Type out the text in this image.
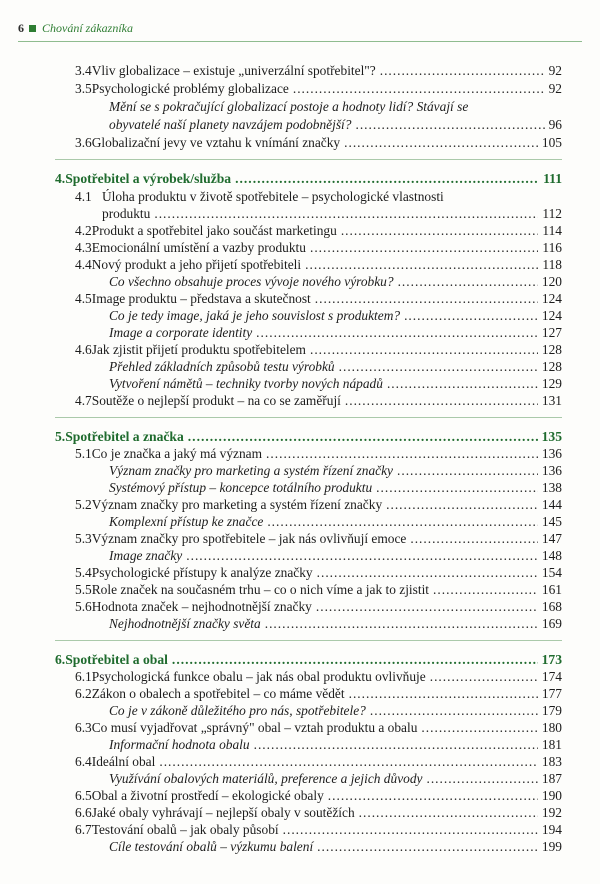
6 Chování zákazníka
3.4 Vliv globalizace – existuje „univerzální spotřebitel"? .....	92
3.5 Psychologické problémy globalizace .....	92
Mění se s pokračující globalizací postoje a hodnoty lidí? Stávají se
obyvatelé naší planety navzájem podobnější? .....	96
3.6 Globalizační jevy ve vztahu k vnímání značky .....	105
4. Spotřebitel a výrobek/služba .....	111
4.1 Úloha produktu v životě spotřebitele – psychologické vlastnosti
produktu .....	112
4.2 Produkt a spotřebitel jako součást marketingu .....	114
4.3 Emocionální umístění a vazby produktu .....	116
4.4 Nový produkt a jeho přijetí spotřebiteli .....	118
Co všechno obsahuje proces vývoje nového výrobku? .....	120
4.5 Image produktu – představa a skutečnost .....	124
Co je tedy image, jaká je jeho souvislost s produktem? .....	124
Image a corporate identity .....	127
4.6 Jak zjistit přijetí produktu spotřebitelem .....	128
Přehled základních způsobů testu výrobků .....	128
Vytvoření námětů – techniky tvorby nových nápadů .....	129
4.7 Soutěže o nejlepší produkt – na co se zaměřují .....	131
5. Spotřebitel a značka .....	135
5.1 Co je značka a jaký má význam .....	136
Význam značky pro marketing a systém řízení značky .....	136
Systémový přístup – koncepce totálního produktu .....	138
5.2 Význam značky pro marketing a systém řízení značky .....	144
Komplexní přístup ke značce .....	145
5.3 Význam značky pro spotřebitele – jak nás ovlivňují emoce .....	147
Image značky .....	148
5.4 Psychologické přístupy k analýze značky .....	154
5.5 Role značek na současném trhu – co o nich víme a jak to zjistit .....	161
5.6 Hodnota značek – nejhodnotnější značky .....	168
Nejhodnotnější značky světa .....	169
6. Spotřebitel a obal .....	173
6.1 Psychologická funkce obalu – jak nás obal produktu ovlivňuje .....	174
6.2 Zákon o obalech a spotřebitel – co máme vědět .....	177
Co je v zákoně důležitého pro nás, spotřebitele? .....	179
6.3 Co musí vyjadřovat „správný" obal – vztah produktu a obalu .....	180
Informační hodnota obalu .....	181
6.4 Ideální obal .....	183
Využívání obalových materiálů, preference a jejich důvody .....	187
6.5 Obal a životní prostředí – ekologické obaly .....	190
6.6 Jaké obaly vyhrávají – nejlepší obaly v soutěžích .....	192
6.7 Testování obalů – jak obaly působí .....	194
Cíle testování obalů – výzkumu balení .....	199
